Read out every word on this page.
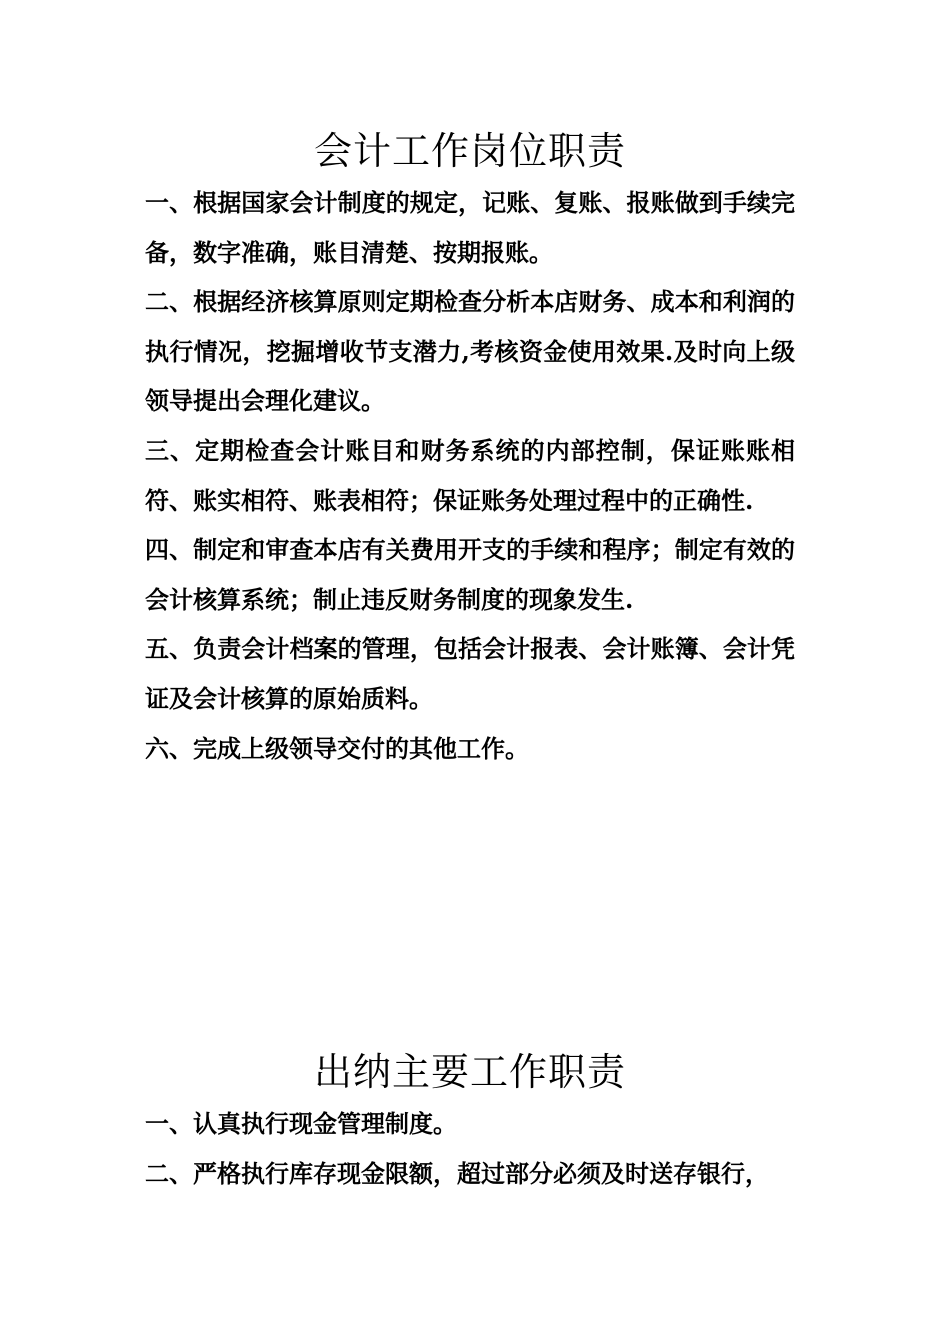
会计工作岗位职责
一、根据国家会计制度的规定，记账、复账、报账做到手续完备，数字准确，账目清楚、按期报账。
二、根据经济核算原则定期检查分析本店财务、成本和利润的执行情况，挖掘增收节支潜力,考核资金使用效果.及时向上级领导提出会理化建议。
三、定期检查会计账目和财务系统的内部控制，保证账账相符、账实相符、账表相符；保证账务处理过程中的正确性.
四、制定和审查本店有关费用开支的手续和程序；制定有效的会计核算系统；制止违反财务制度的现象发生.
五、负责会计档案的管理，包括会计报表、会计账簿、会计凭证及会计核算的原始质料。
六、完成上级领导交付的其他工作。
出纳主要工作职责
一、认真执行现金管理制度。
二、严格执行库存现金限额，超过部分必须及时送存银行，
